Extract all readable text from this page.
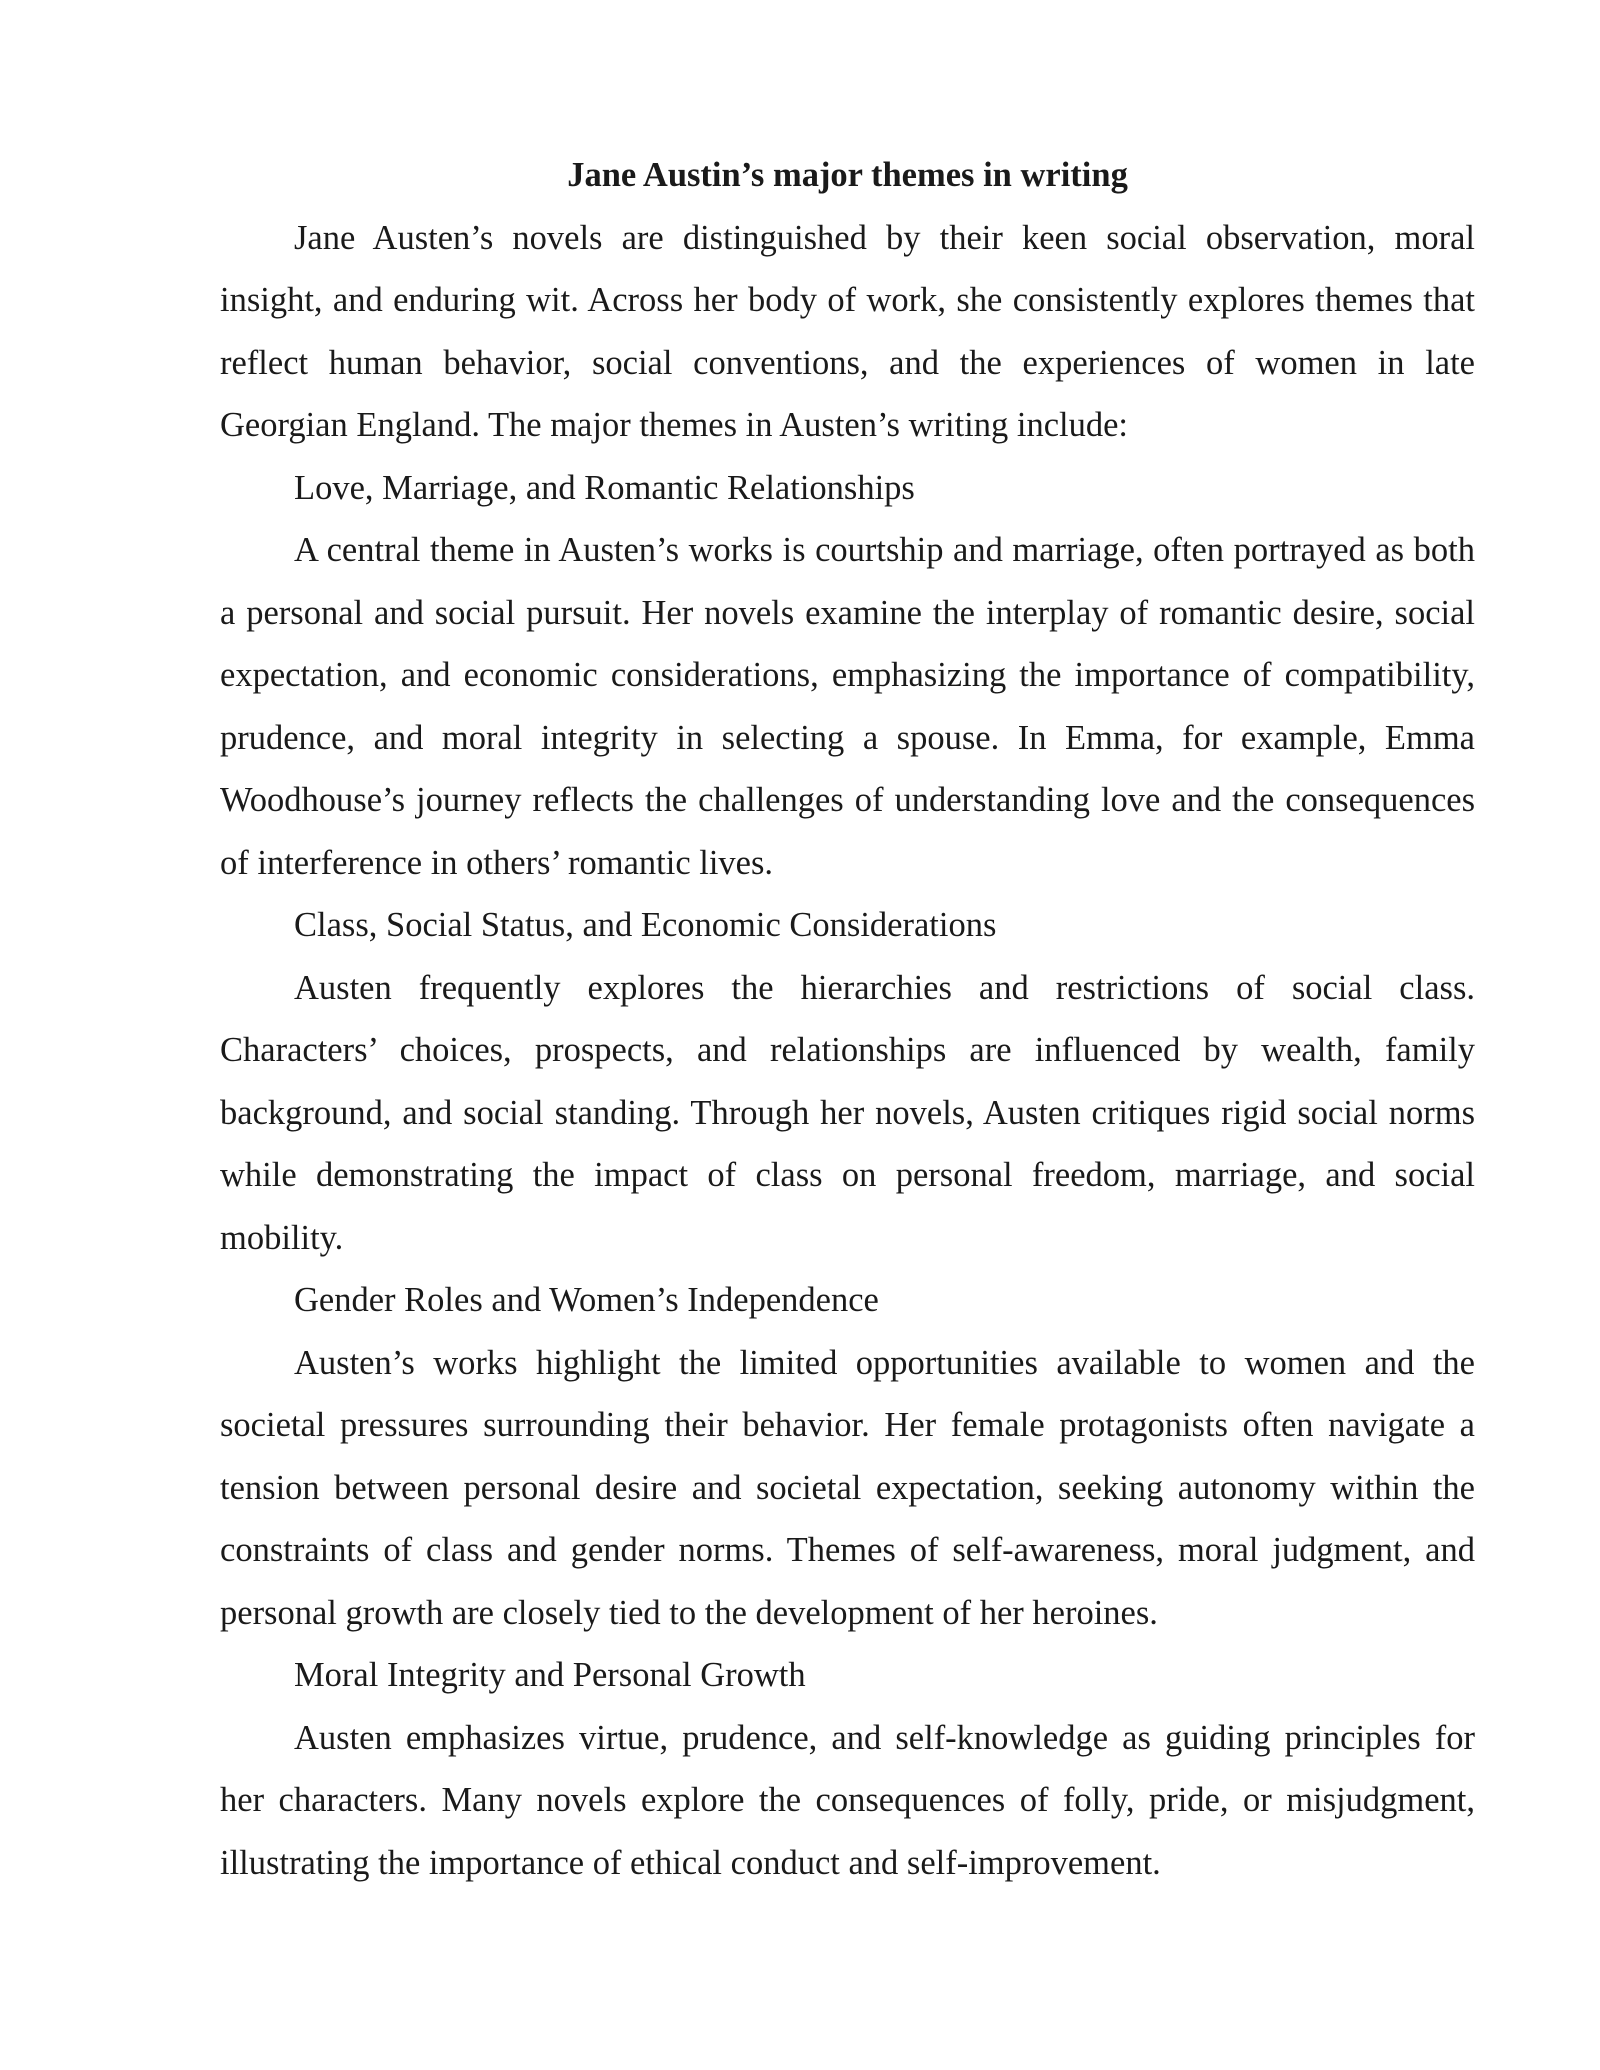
Jane Austin’s major themes in writing

Jane Austen’s novels are distinguished by their keen social observation, moral insight, and enduring wit. Across her body of work, she consistently explores themes that reflect human behavior, social conventions, and the experiences of women in late Georgian England. The major themes in Austen’s writing include:

Love, Marriage, and Romantic Relationships

A central theme in Austen’s works is courtship and marriage, often portrayed as both a personal and social pursuit. Her novels examine the interplay of romantic desire, social expectation, and economic considerations, emphasizing the importance of compatibility, prudence, and moral integrity in selecting a spouse. In Emma, for example, Emma Woodhouse’s journey reflects the challenges of understanding love and the consequences of interference in others’ romantic lives.

Class, Social Status, and Economic Considerations

Austen frequently explores the hierarchies and restrictions of social class. Characters’ choices, prospects, and relationships are influenced by wealth, family background, and social standing. Through her novels, Austen critiques rigid social norms while demonstrating the impact of class on personal freedom, marriage, and social mobility.

Gender Roles and Women’s Independence

Austen’s works highlight the limited opportunities available to women and the societal pressures surrounding their behavior. Her female protagonists often navigate a tension between personal desire and societal expectation, seeking autonomy within the constraints of class and gender norms. Themes of self-awareness, moral judgment, and personal growth are closely tied to the development of her heroines.

Moral Integrity and Personal Growth

Austen emphasizes virtue, prudence, and self-knowledge as guiding principles for her characters. Many novels explore the consequences of folly, pride, or misjudgment, illustrating the importance of ethical conduct and self-improvement.
